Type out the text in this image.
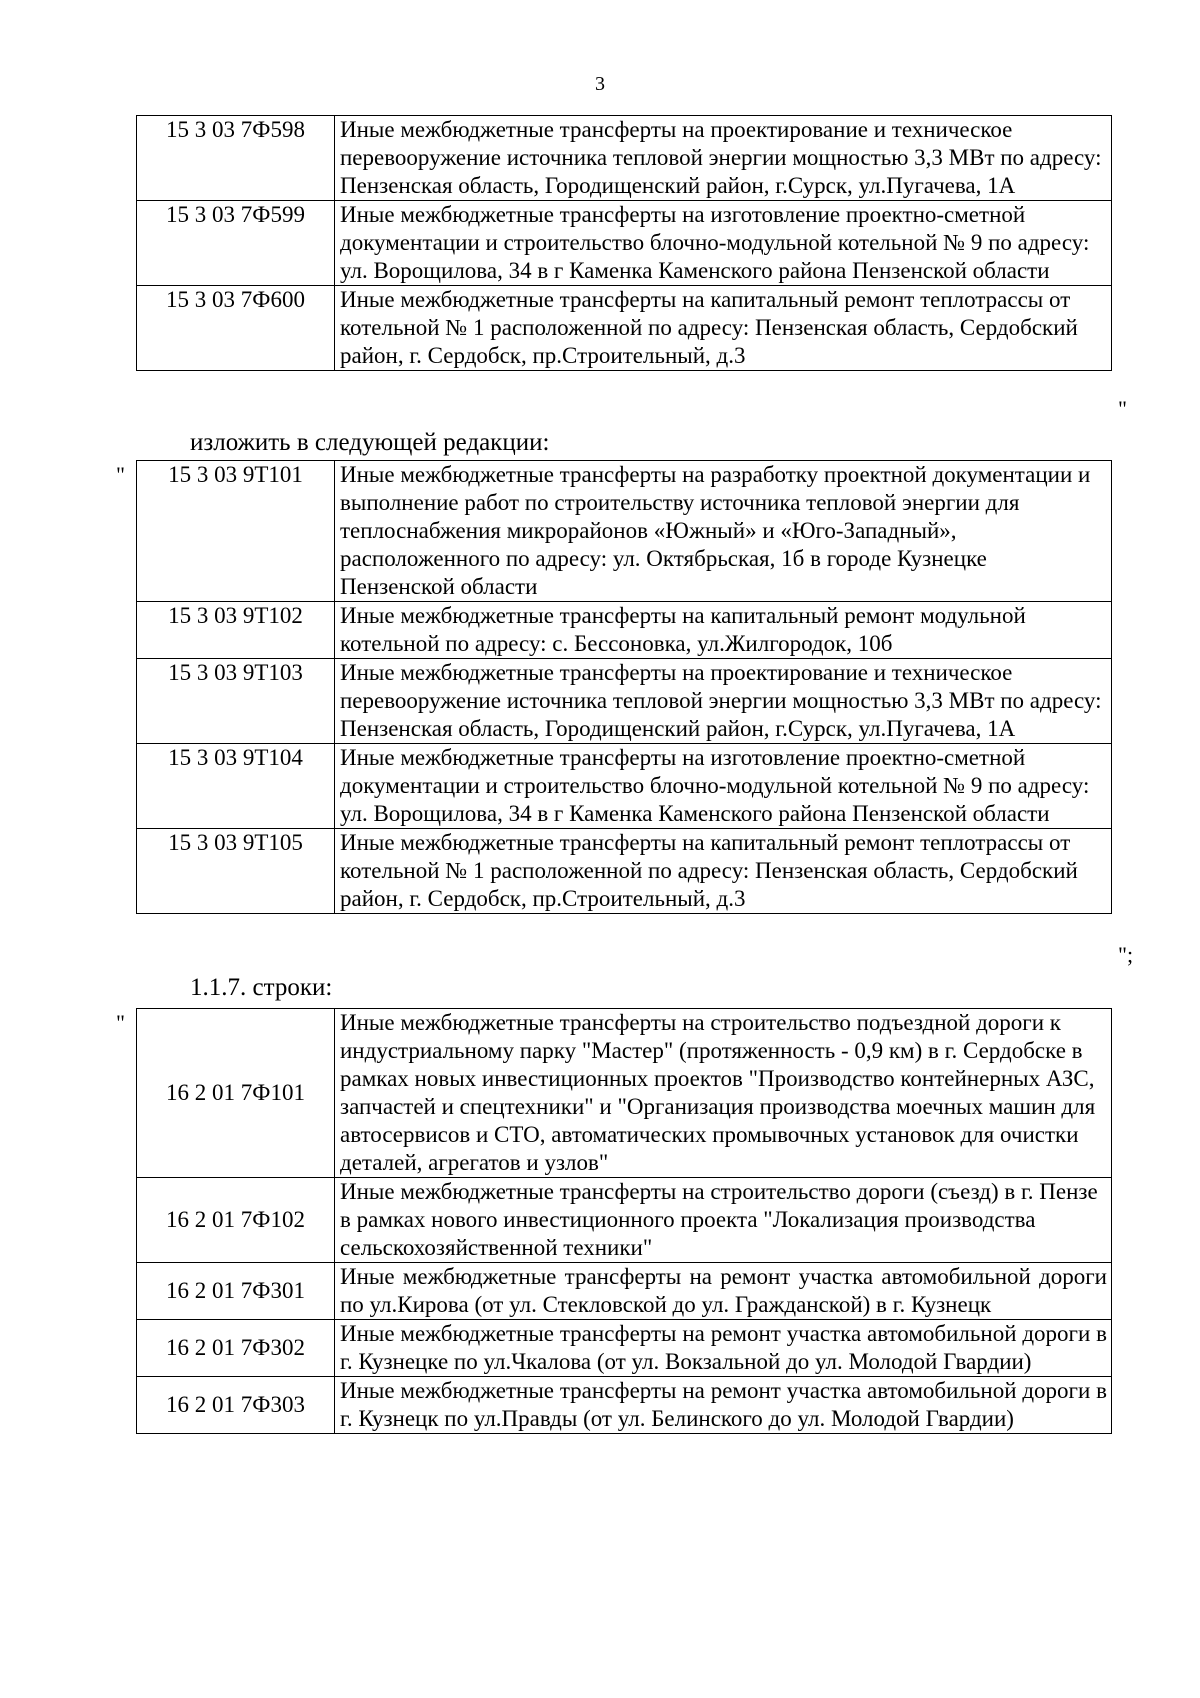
3
15 3 03 7Ф598	Иные межбюджетные трансферты на проектирование и техническое перевооружение источника тепловой энергии мощностью 3,3 МВт по адресу: Пензенская область, Городищенский район, г.Сурск, ул.Пугачева, 1А
15 3 03 7Ф599	Иные межбюджетные трансферты на изготовление проектно-сметной документации и строительство блочно-модульной котельной № 9 по адресу: ул. Ворощилова, 34 в г Каменка Каменского района Пензенской области
15 3 03 7Ф600	Иные межбюджетные трансферты на капитальный ремонт теплотрассы от котельной № 1 расположенной по адресу: Пензенская область, Сердобский район, г. Сердобск, пр.Строительный, д.3
"
изложить в следующей редакции:
" 15 3 03 9Т101	Иные межбюджетные трансферты на разработку проектной документации и выполнение работ по строительству источника тепловой энергии для теплоснабжения микрорайонов «Южный» и «Юго-Западный», расположенного по адресу: ул. Октябрьская, 1б в городе Кузнецке Пензенской области
15 3 03 9Т102	Иные межбюджетные трансферты на капитальный ремонт модульной котельной по адресу: с. Бессоновка, ул.Жилгородок, 10б
15 3 03 9Т103	Иные межбюджетные трансферты на проектирование и техническое перевооружение источника тепловой энергии мощностью 3,3 МВт по адресу: Пензенская область, Городищенский район, г.Сурск, ул.Пугачева, 1А
15 3 03 9Т104	Иные межбюджетные трансферты на изготовление проектно-сметной документации и строительство блочно-модульной котельной № 9 по адресу: ул. Ворощилова, 34 в г Каменка Каменского района Пензенской области
15 3 03 9Т105	Иные межбюджетные трансферты на капитальный ремонт теплотрассы от котельной № 1 расположенной по адресу: Пензенская область, Сердобский район, г. Сердобск, пр.Строительный, д.3
";
1.1.7. строки:
"
16 2 01 7Ф101	Иные межбюджетные трансферты на строительство подъездной дороги к индустриальному парку "Мастер" (протяженность - 0,9 км) в г. Сердобске в рамках новых инвестиционных проектов "Производство контейнерных АЗС, запчастей и спецтехники" и "Организация производства моечных машин для автосервисов и СТО, автоматических промывочных установок для очистки деталей, агрегатов и узлов"
16 2 01 7Ф102	Иные межбюджетные трансферты на строительство дороги (съезд) в г. Пензе в рамках нового инвестиционного проекта "Локализация производства сельскохозяйственной техники"
16 2 01 7Ф301	Иные межбюджетные трансферты на ремонт участка автомобильной дороги по ул.Кирова (от ул. Стекловской до ул. Гражданской) в г. Кузнецк
16 2 01 7Ф302	Иные межбюджетные трансферты на ремонт участка автомобильной дороги в г. Кузнецке по ул.Чкалова (от ул. Вокзальной до ул. Молодой Гвардии)
16 2 01 7Ф303	Иные межбюджетные трансферты на ремонт участка автомобильной дороги в г. Кузнецк по ул.Правды (от ул. Белинского до ул. Молодой Гвардии)
